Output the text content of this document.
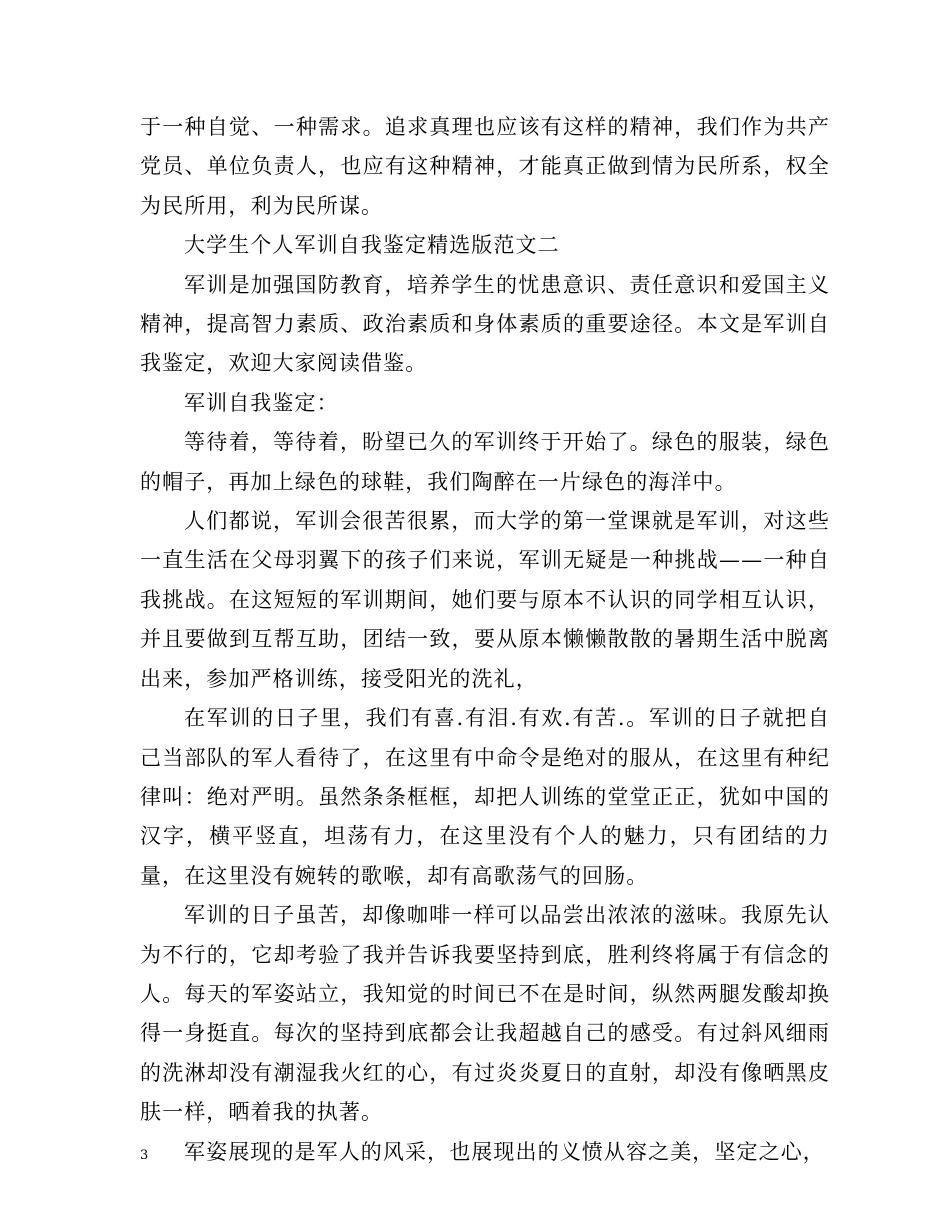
于一种自觉、一种需求。追求真理也应该有这样的精神，我们作为共产党员、单位负责人，也应有这种精神，才能真正做到情为民所系，权全为民所用，利为民所谋。

大学生个人军训自我鉴定精选版范文二

军训是加强国防教育，培养学生的忧患意识、责任意识和爱国主义精神，提高智力素质、政治素质和身体素质的重要途径。本文是军训自我鉴定，欢迎大家阅读借鉴。

军训自我鉴定：

等待着，等待着，盼望已久的军训终于开始了。绿色的服装，绿色的帽子，再加上绿色的球鞋，我们陶醉在一片绿色的海洋中。

人们都说，军训会很苦很累，而大学的第一堂课就是军训，对这些一直生活在父母羽翼下的孩子们来说，军训无疑是一种挑战——一种自我挑战。在这短短的军训期间，她们要与原本不认识的同学相互认识，并且要做到互帮互助，团结一致，要从原本懒懒散散的暑期生活中脱离出来，参加严格训练，接受阳光的洗礼，

在军训的日子里，我们有喜.有泪.有欢.有苦.。军训的日子就把自己当部队的军人看待了，在这里有中命令是绝对的服从，在这里有种纪律叫：绝对严明。虽然条条框框，却把人训练的堂堂正正，犹如中国的汉字，横平竖直，坦荡有力，在这里没有个人的魅力，只有团结的力量，在这里没有婉转的歌喉，却有高歌荡气的回肠。

军训的日子虽苦，却像咖啡一样可以品尝出浓浓的滋味。我原先认为不行的，它却考验了我并告诉我要坚持到底，胜利终将属于有信念的人。每天的军姿站立，我知觉的时间已不在是时间，纵然两腿发酸却换得一身挺直。每次的坚持到底都会让我超越自己的感受。有过斜风细雨的洗淋却没有潮湿我火红的心，有过炎炎夏日的直射，却没有像晒黑皮肤一样，晒着我的执著。

军姿展现的是军人的风采，也展现出的义愤从容之美，坚定之心，

3
